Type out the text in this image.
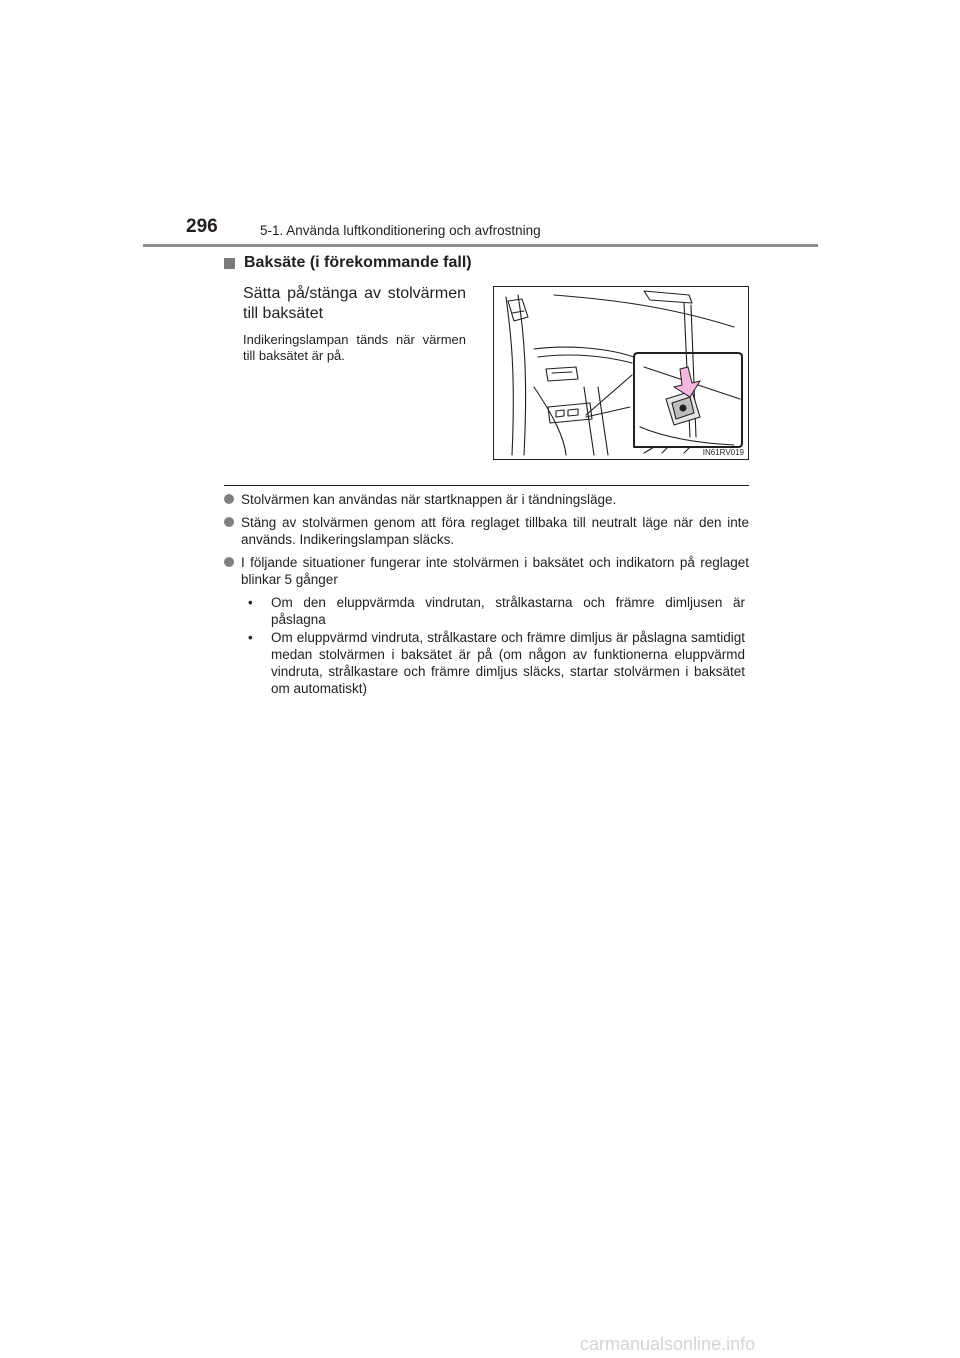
296	5-1. Använda luftkonditionering och avfrostning
Baksäte (i förekommande fall)
Sätta på/stänga av stolvärmen till baksätet
Indikeringslampan tänds när värmen till baksätet är på.
IN61RV019
Stolvärmen kan användas när startknappen är i tändningsläge.
Stäng av stolvärmen genom att föra reglaget tillbaka till neutralt läge när den inte används. Indikeringslampan släcks.
I följande situationer fungerar inte stolvärmen i baksätet och indikatorn på reglaget blinkar 5 gånger
• Om den eluppvärmda vindrutan, strålkastarna och främre dimljusen är påslagna
• Om eluppvärmd vindruta, strålkastare och främre dimljus är påslagna samtidigt medan stolvärmen i baksätet är på (om någon av funktionerna eluppvärmd vindruta, strålkastare och främre dimljus släcks, startar stolvärmen i baksätet om automatiskt)
carmanualsonline.info
